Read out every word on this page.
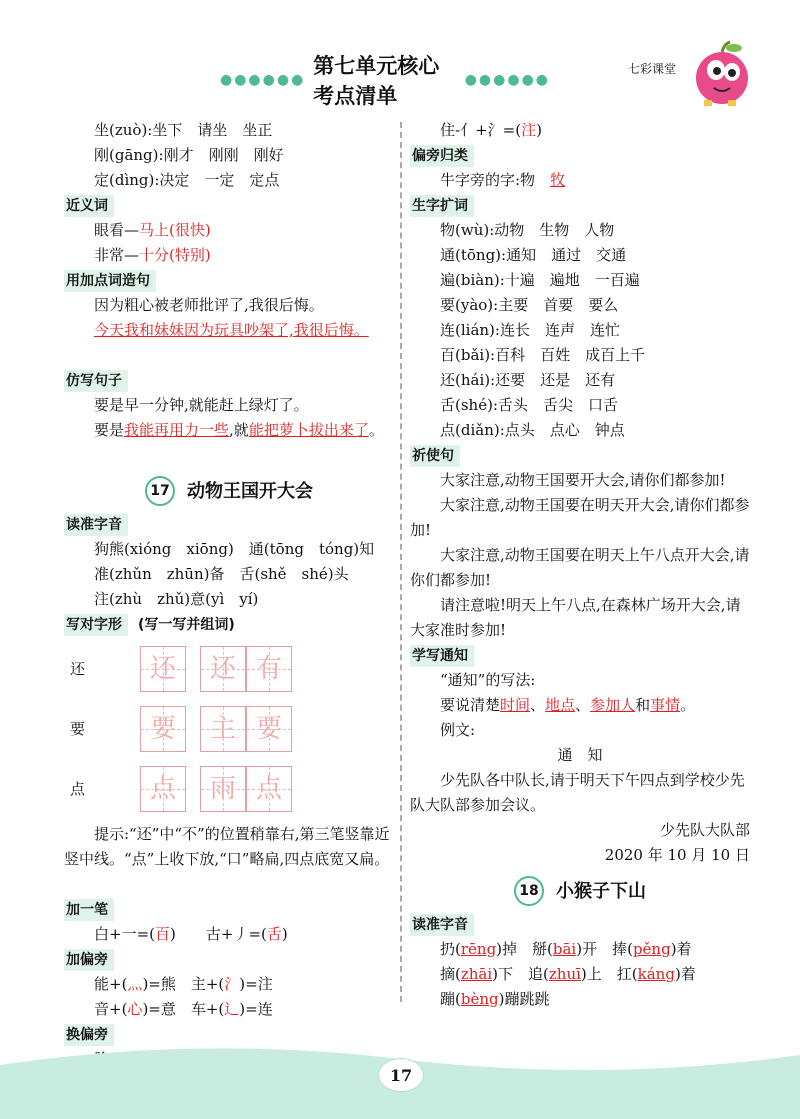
●●●●●●
第七单元核心考点清单
●●●●●●
七彩课堂
坐(zuò):坐下　请坐　坐正
刚(gāng):刚才　刚刚　刚好
定(dìng):决定　一定　定点
近义词
眼看—马上(很快)
非常—十分(特别)
用加点词造句
因为粗心被老师批评了,我很后悔。
今天我和妹妹因为玩具吵架了,我很后悔。
仿写句子
要是早一分钟,就能赶上绿灯了。
要是我能再用力一些,就能把萝卜拔出来了。
17 动物王国开大会
读准字音
狗熊(xióng　xiōng)　通(tōng　tóng)知
准(zhǔn　zhūn)备　舌(shě　shé)头
注(zhù　zhǔ)意(yì　yí)
写对字形 (写一写并组词)
还	还	还 有
要	要	主 要
点	点	雨 点
提示:“还”中“不”的位置稍靠右,第三笔竖靠近竖中线。“点”上收下放,“口”略扁,四点底宽又扁。
加一笔
白+一=(百)　　 古+丿=(舌)
加偏旁
能+(灬)=熊　主+(氵)=注
音+(心)=意　车+(辶)=连
换偏旁
住-亻+氵=(注)
偏旁归类
牛字旁的字:物　牧
生字扩词
物(wù):动物　生物　人物
通(tōng):通知　通过　交通
遍(biàn):十遍　遍地　一百遍
要(yào):主要　首要　要么
连(lián):连长　连声　连忙
百(bǎi):百科　百姓　成百上千
还(hái):还要　还是　还有
舌(shé):舌头　舌尖　口舌
点(diǎn):点头　点心　钟点
祈使句
大家注意,动物王国要开大会,请你们都参加!
大家注意,动物王国要在明天开大会,请你们都参加!
大家注意,动物王国要在明天上午八点开大会,请你们都参加!
请注意啦!明天上午八点,在森林广场开大会,请大家准时参加!
学写通知
“通知”的写法:
要说清楚时间、地点、参加人和事情。
例文:
通　知
少先队各中队长,请于明天下午四点到学校少先队大队部参加会议。
少先队大队部
2020 年 10 月 10 日
18 小猴子下山
读准字音
扔(rēng)掉　掰(bāi)开　捧(pěng)着
摘(zhāi)下　追(zhuī)上　扛(káng)着
蹦(bèng)蹦跳跳
17
